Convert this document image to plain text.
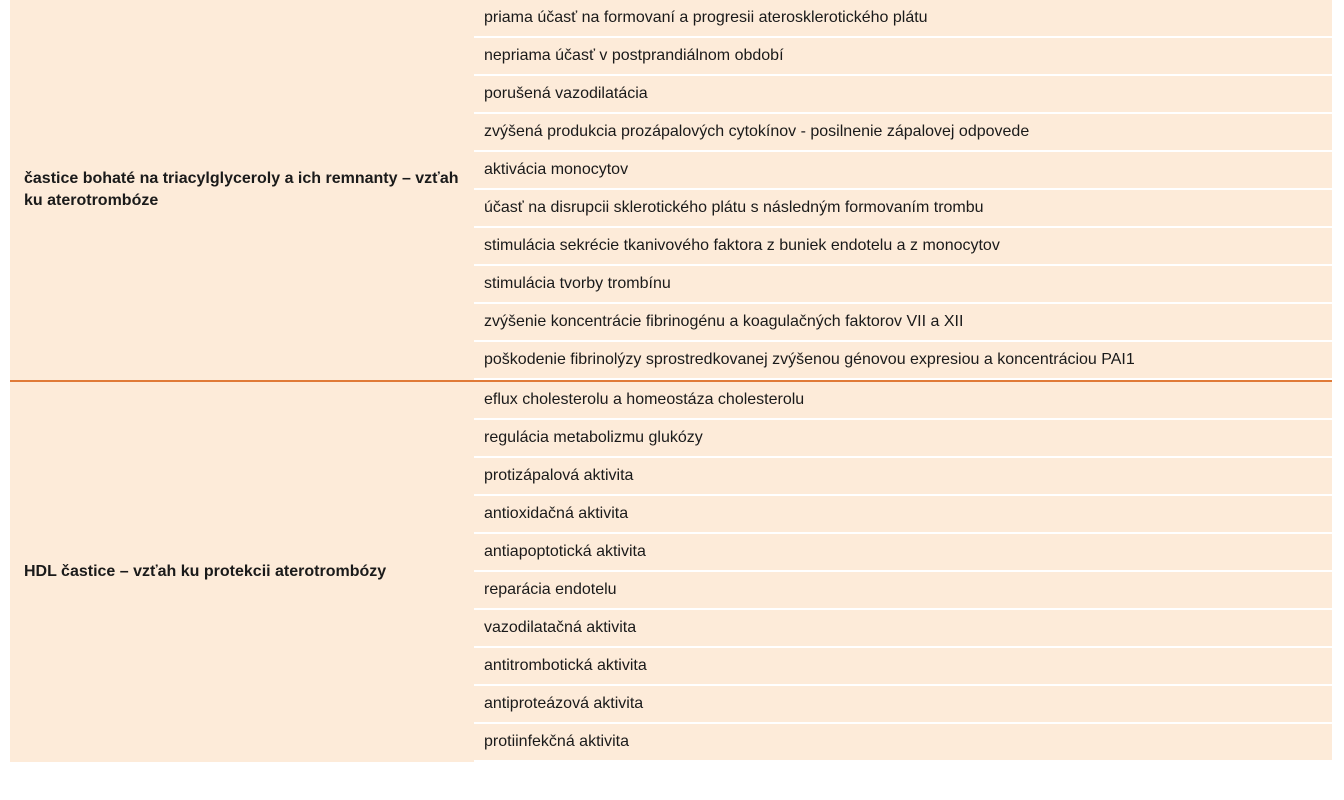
častice bohaté na triacylglyceroly a ich remnanty – vzťah ku aterotrombóze
priama účasť na formovaní a progresii aterosklerotického plátu
nepriama účasť v postprandiálnom období
porušená vazodilatácia
zvýšená produkcia prozápalových cytokínov - posilnenie zápalovej odpovede
aktivácia monocytov
účasť na disrupcii sklerotického plátu s následným formovaním trombu
stimulácia sekrécie tkanivového faktora z buniek endotelu a z monocytov
stimulácia tvorby trombínu
zvýšenie koncentrácie fibrinogénu a koagulačných faktorov VII a XII
poškodenie fibrinolýzy sprostredkovanej zvýšenou génovou expresiou a koncentráciou PAI1
HDL častice – vzťah ku protekcii aterotrombózy
eflux cholesterolu a homeostáza cholesterolu
regulácia metabolizmu glukózy
protizápalová aktivita
antioxidačná aktivita
antiapoptotická aktivita
reparácia endotelu
vazodilatačná aktivita
antitrombotická aktivita
antiproteázová aktivita
protiinfekčná aktivita
